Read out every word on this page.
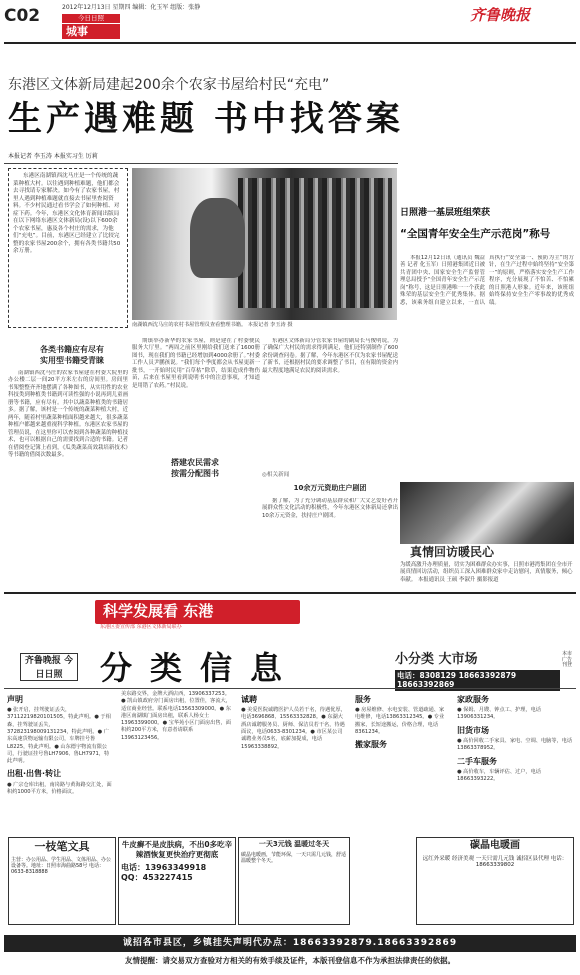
C02	2012年12月13日 星期四 编辑：化玉军 组版：张静
今日日照
城事
齐鲁晚报
东港区文体新局建起200余个农家书屋给村民“充电”
生产遇难题 书中找答案
本报记者 李玉涛 本报实习生 厉莉
东港区南湖镇西沈马庄是一个传统的蔬菜种植大村。以往遇到种植难题，他们都会去寻找请专家解决。如今有了农家书屋，村里人遇到种植难题就直接去书屋里查阅资料。不少村民通过看书学会了如何种植、对症下药。今年，东港区文化体育新闻出版局在以下网络东港区文体新局(设)以下600余个农家书屋，惠及各个村庄的需求，为他们“充电”。目前，东港区已经建立了比较完整的农家书屋200余个，拥有各类书籍共50余万册。
南湖镇西沈马庄的农村书屋管理员查看整理书籍。 本报记者 李玉涛 摄
各类书籍应有尽有
实用型书籍受青睐

南湖镇西沈马庄的农家书屋建在村委大院里的办公楼二层一间20平方米左右的房间里。房间里书架整整齐齐地摆满了各种图书，从实用性的农业科技类到种植类书籍到可读性强的小说再到儿童画册等书籍，应有尽有。其中以蔬菜种植类的书籍居多。据了解，该村是一个传统的蔬菜种植大村，近两年，随着村里蔬菜种植面积越来越大，很多蔬菜种植户都越来越重视科学种植。东港区农家书屋的管理员说，在这里你可以查阅到各种蔬菜的种植技术，也可以根据自己的需要找到合适的书籍。记者在借阅登记簿上看到，《瓜类蔬菜高效栽培新技术》等书籍的借阅次数最多。

期镇举办新华的农家书屋，则是建在了村委便民服务大厅里。“两周之前区里刚给我们送来了1600册图书，现在我们的书籍已经增加到4000余册了。”村委工作人员尹鹏孩说。“我们每个季度都会从书屋更新一批书，一开始时民用“百草枯”除草，结果造成作物伤苗，后来在书屋里看到说明书中的注意事项，才知道是用错了农药。”村民说。

搭建农民需求
按需分配图书

东港区文体新局分管农家书屋的副局长马俊明说，为了确保广大村民的需求得到满足，他们还特别制作了600余份调查问卷。据了解，今年东港区不仅为农家书屋配送了新书，还根据村民的要求调整了书目，在有限的资金内最大程度地满足农民的阅读需求。

◎相关新闻
10余万元资助庄户剧团

据了解，为了充分调动基层群众和广大文艺爱好者开展群众性文化活动的积极性，今年东港区文体新局还拿出10余万元资金，扶持庄户剧团。

日照港一基层班组荣获
“全国青年安全生产示范岗”称号

本报12月12日讯（通讯员 魏益善 记者 化玉军）日照港集团近日被共青团中央、国家安全生产监督管理总局授予“全国青年安全生产示范岗”称号，这是日照港唯一一个获此殊荣的基层安全生产优秀集体。据悉，该乘务组自建立以来，一直认真执行“安全第一、预防为主”的方针，在生产过程中始终坚持“安全第一”的原则，严格落实安全生产工作程序，充分展现了不怕苦、不怕累的日照港人形象。近年来，该班组始终保持安全生产零事故的优秀成绩。

真情回访暖民心
为缓高激升办理质量，切实为困难群众办实事，日照市港湾集团在全市开展真情回访活动，组织员工深入困难群众家中走访慰问，真情服务，倾心奉献。 本报通讯员 王硕 李淑升 摄影报道
科学发展看 东港
东港区委宣传部 东港区文体新局联办
齐鲁晚报 今日日照	分类信息	小分类 大市场
电话：8308129 18663392879 18663392869
本市广告刊登
声明
● 张开启，挂驾驶证丢失，37112219820101505，特此声明。● 于相森，挂驾驶证丢失，372823198009131234，特此声明。● 广东高速货物运输有限公司，车牌挂号鲁L8225，特此声明。● 山东德宇物流有限公司，行驶证挂号鲁LH7906、鲁LH7971，特此声明。
出租·出售·转让
● 广宗仓库出租，南岗路与黄海路交汇处，面积约1000平方米，价格面议。
美东路交界，金牌大酒店西，13906337253。● 凯山镇政府旁门面房出租，位置佳，客流大，适宜商业经营。联系电话13563309000。● 东港区南湖镇门面房出租，联系人杨女士13963399000。● 宝华苑小区门面房出售，面积约200平方米，有意者请联系13963123456。
诚聘
● 美爱医院诚聘医护人员若干名，待遇优厚，电话3696868、15563332828。● 东湖大酒店诚聘服务员、厨师、保洁员若干名，待遇面议，电话0633-8301234。● 市区某公司诚聘业务员5名，底薪加提成，电话15963338892。
服务
● 房屋维修、水电安装、管道疏通、家电维修，电话13863312345。● 专业搬家，长短途搬运，价格合理，电话8361234。
搬家服务
家政服务
● 保姆、月嫂、钟点工、护理，电话13906331234。
旧货市场
● 高价回收二手家具、家电、空调、电脑等，电话13863378952。
二手车服务
● 高价收车，车辆评估、过户，电话18663393222。
一枝笔文具
主营：办公用品、学生用品、文体用品、办公设备等。地址：日照市海曲路58号 电话：0633-8318888
牛皮癣不是皮肤病，不出0多吃辛辣酒恢复更快治疗更彻底
电话：13963349918
QQ：453227415
一天3元钱 温暖过冬天
碳晶电暖画，节能环保，一天只需几元钱，舒适温暖整个冬天。
碳晶电暖画
远红外采暖 经济美观 一天只需几元钱 诚招区县代理 电话：18663339802
诚招各市县区，乡镇挂失声明代办点：18663392879.18663392869
友情提醒：请交易双方查验对方相关的有效手续及证件，本版刊登信息不作为承担法律责任的依据。
